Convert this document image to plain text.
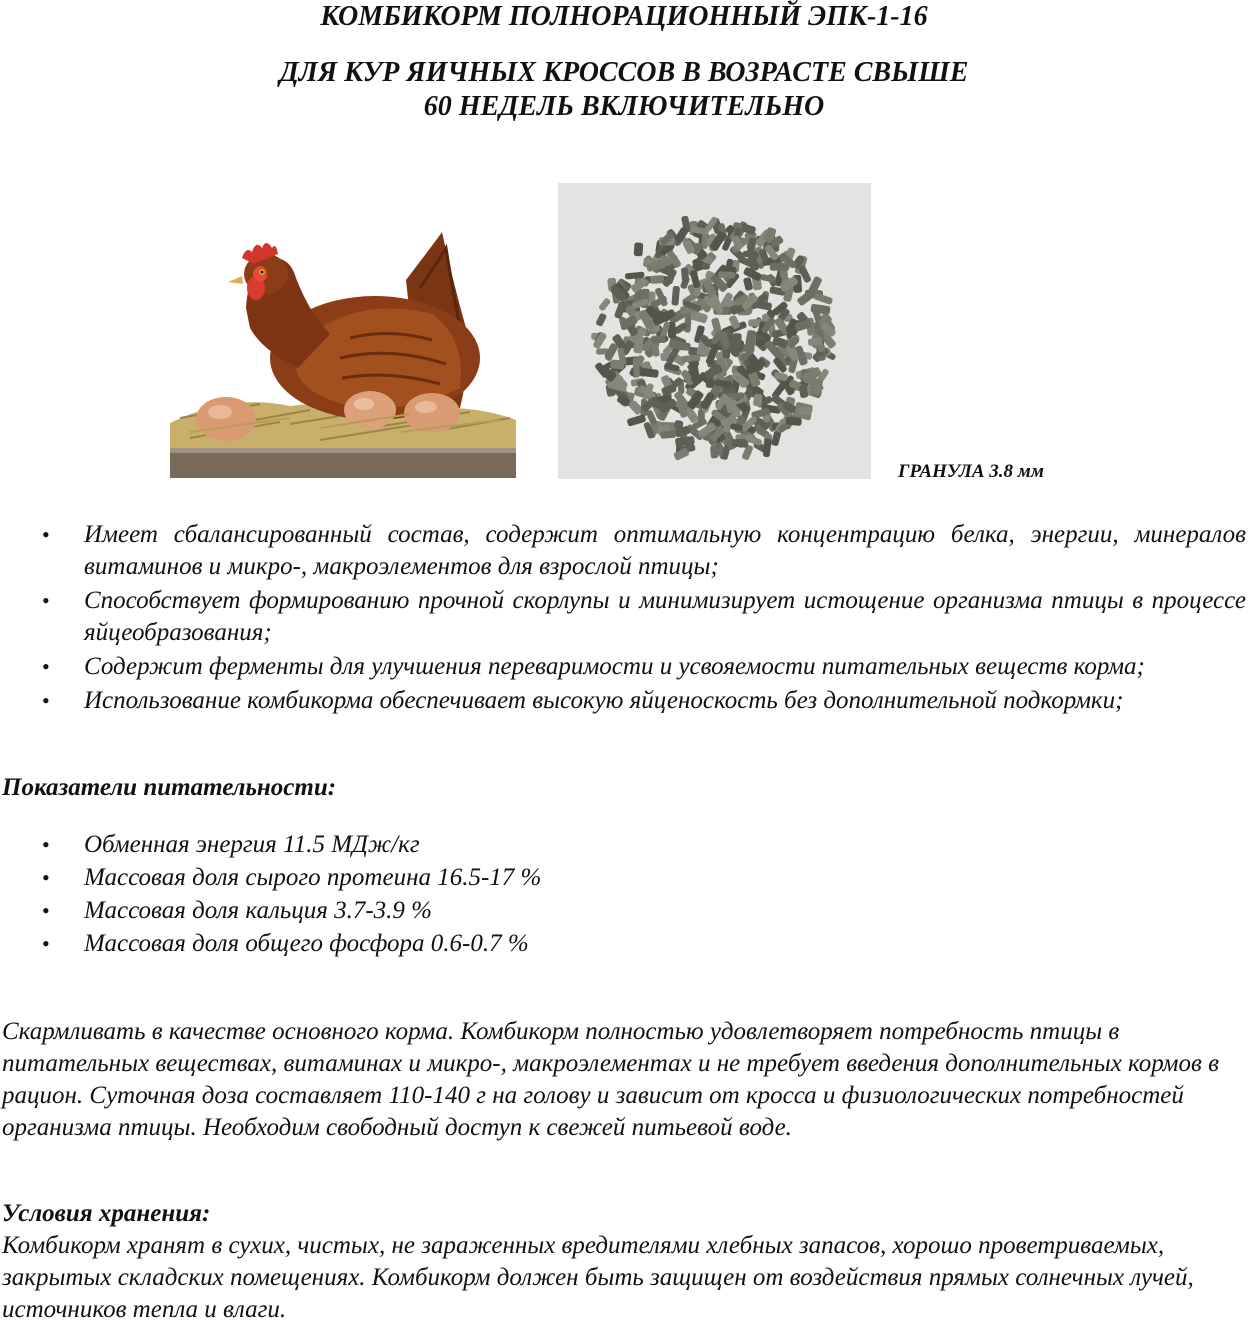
КОМБИКОРМ ПОЛНОРАЦИОННЫЙ ЭПК-1-16
ДЛЯ КУР ЯИЧНЫХ КРОССОВ В ВОЗРАСТЕ СВЫШЕ
60 НЕДЕЛЬ ВКЛЮЧИТЕЛЬНО

ГРАНУЛА 3.8 мм

• Имеет сбалансированный состав, содержит оптимальную концентрацию белка, энергии, минералов витаминов и микро-, макроэлементов для взрослой птицы;
• Способствует формированию прочной скорлупы и минимизирует истощение организма птицы в процессе яйцеобразования;
• Содержит ферменты для улучшения переваримости и усвояемости питательных веществ корма;
• Использование комбикорма обеспечивает высокую яйценоскость без дополнительной подкормки;

Показатели питательности:

• Обменная энергия 11.5 МДж/кг
• Массовая доля сырого протеина 16.5-17 %
• Массовая доля кальция 3.7-3.9 %
• Массовая доля общего фосфора 0.6-0.7 %

Скармливать в качестве основного корма. Комбикорм полностью удовлетворяет потребность птицы в питательных веществах, витаминах и микро-, макроэлементах и не требует введения дополнительных кормов в рацион. Суточная доза составляет 110-140 г на голову и зависит от кросса и физиологических потребностей организма птицы. Необходим свободный доступ к свежей питьевой воде.

Условия хранения:

Комбикорм хранят в сухих, чистых, не зараженных вредителями хлебных запасов, хорошо проветриваемых, закрытых складских помещениях. Комбикорм должен быть защищен от воздействия прямых солнечных лучей, источников тепла и влаги.
